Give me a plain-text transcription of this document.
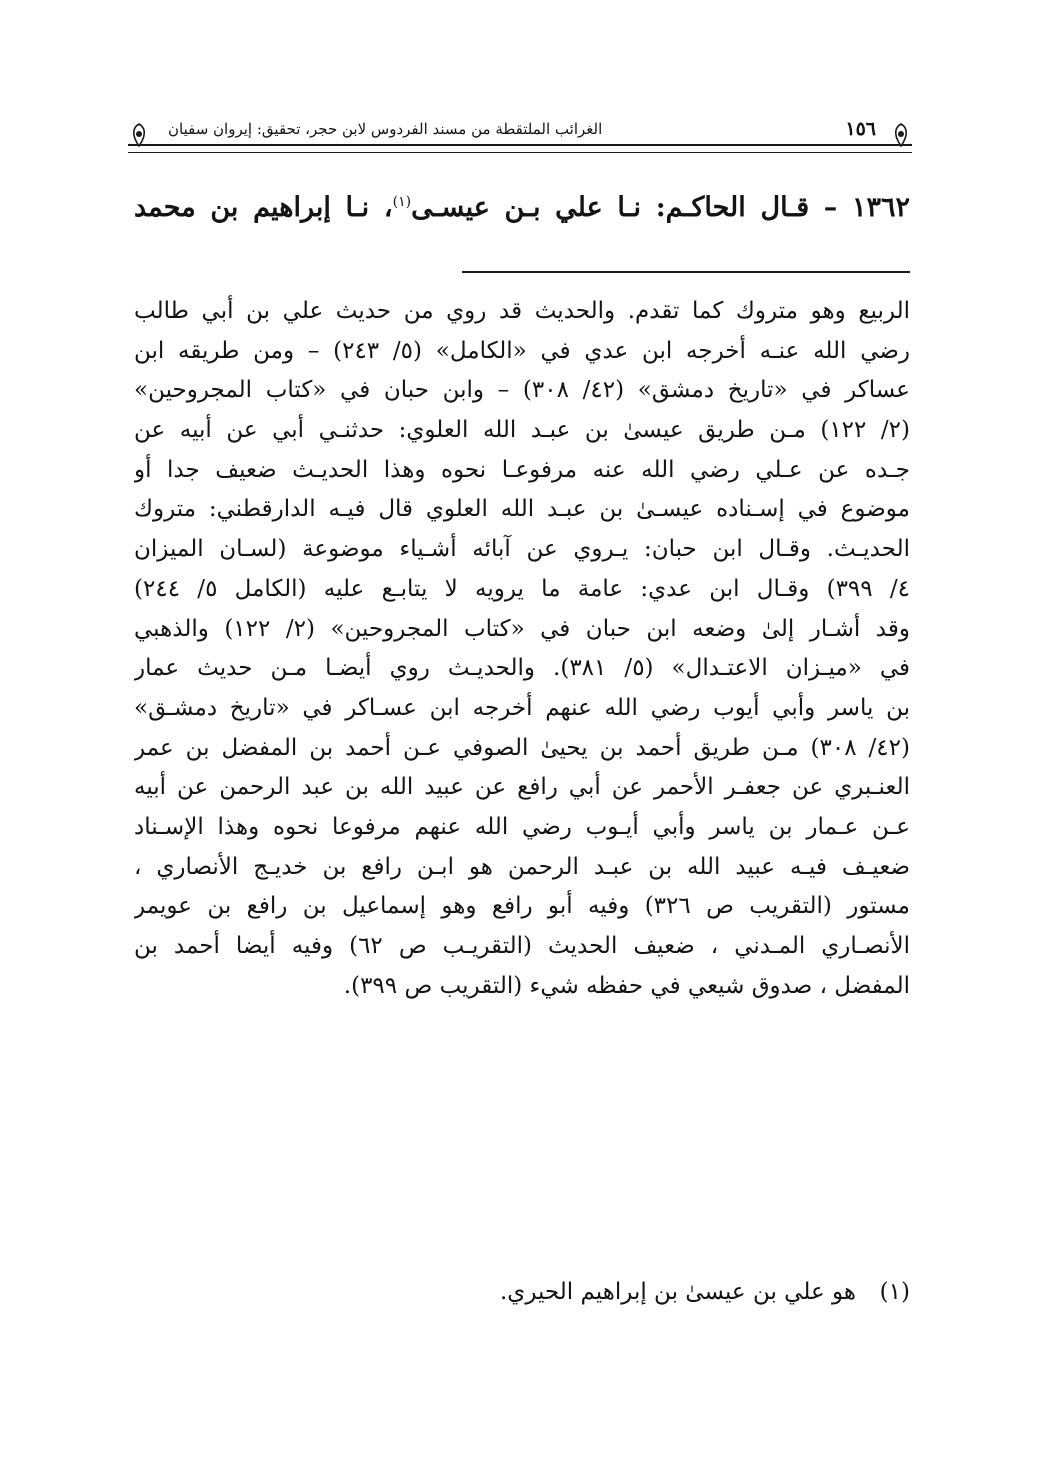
١٥٦
الغرائب الملتقطة من مسند الفردوس لابن حجر، تحقيق: إيروان سفيان
١٣٦٢ – قـال الحاكـم: نـا علي بـن عيسـى$^{(١)}$، نـا إبراهيم بن محمد
الربيع وهو متروك كما تقدم. والحديث قد روي من حديث علي بن أبي طالب
رضي الله عنـه أخرجه ابن عدي في «الكامل» (٥/ ٢٤٣) – ومن طريقه ابن
عساكر في «تاريخ دمشق» (٤٢/ ٣٠٨) – وابن حبان في «كتاب المجروحين»
(٢/ ١٢٢) مـن طريق عيسىٰ بن عبـد الله العلوي: حدثنـي أبي عن أبيه عن
جـده عن عـلي رضي الله عنه مرفوعـا نحوه وهذا الحديـث ضعيف جدا أو
موضوع في إسـناده عيسـىٰ بن عبـد الله العلوي قال فيـه الدارقطني: متروك
الحديـث. وقـال ابن حبان: يـروي عن آبائه أشـياء موضوعة (لسـان الميزان
٤/ ٣٩٩) وقـال ابن عدي: عامة ما يرويه لا يتابـع عليه (الكامل ٥/ ٢٤٤)
وقد أشـار إلىٰ وضعه ابن حبان في «كتاب المجروحين» (٢/ ١٢٢) والذهبي
في «ميـزان الاعتـدال» (٥/ ٣٨١). والحديـث روي أيضـا مـن حديث عمار
بن ياسر وأبي أيوب رضي الله عنهم أخرجه ابن عسـاكر في «تاريخ دمشـق»
(٤٢/ ٣٠٨) مـن طريق أحمد بن يحيىٰ الصوفي عـن أحمد بن المفضل بن عمر
العنـبري عن جعفـر الأحمر عن أبي رافع عن عبيد الله بن عبد الرحمن عن أبيه
عـن عـمار بن ياسر وأبي أيـوب رضي الله عنهم مرفوعا نحوه وهذا الإسـناد
ضعيـف فيـه عبيد الله بن عبـد الرحمن هو ابـن رافع بن خديـج الأنصاري ،
مستور (التقريب ص ٣٢٦) وفيه أبو رافع وهو إسماعيل بن رافع بن عويمر
الأنصـاري المـدني ، ضعيف الحديث (التقريـب ص ٦٢) وفيه أيضا أحمد بن
المفضل ، صدوق شيعي في حفظه شيء (التقريب ص ٣٩٩).
(١)هو علي بن عيسىٰ بن إبراهيم الحيري.
